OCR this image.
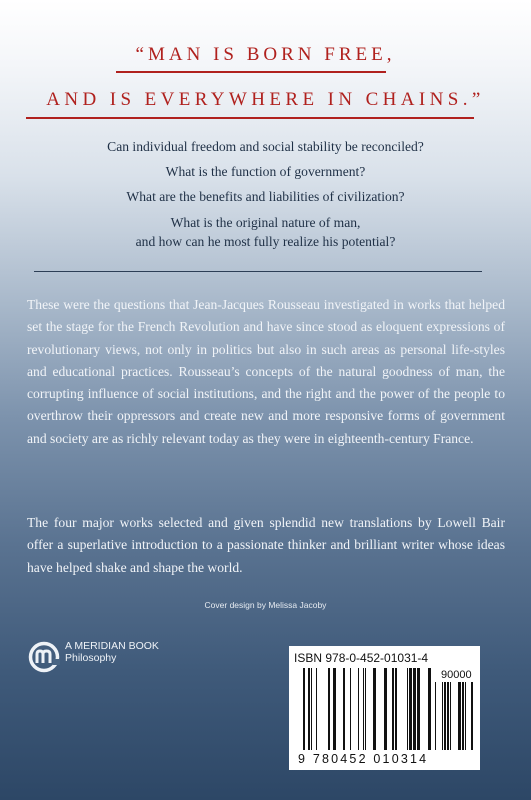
“MAN IS BORN FREE,
AND IS EVERYWHERE IN CHAINS.”
Can individual freedom and social stability be reconciled?
What is the function of government?
What are the benefits and liabilities of civilization?
What is the original nature of man,
and how can he most fully realize his potential?
These were the questions that Jean-Jacques Rousseau investigated in works that helped set the stage for the French Revolution and have since stood as eloquent expressions of revolutionary views, not only in politics but also in such areas as personal life-styles and educational practices. Rousseau’s concepts of the natural goodness of man, the corrupting influence of social institutions, and the right and the power of the people to overthrow their oppressors and create new and more responsive forms of government and society are as richly relevant today as they were in eighteenth-century France.
The four major works selected and given splendid new translations by Lowell Bair offer a superlative introduction to a passionate thinker and brilliant writer whose ideas have helped shake and shape the world.
Cover design by Melissa Jacoby
A MERIDIAN BOOK
Philosophy	ISBN 978-0-452-01031-4
90000
9 780452 010314
